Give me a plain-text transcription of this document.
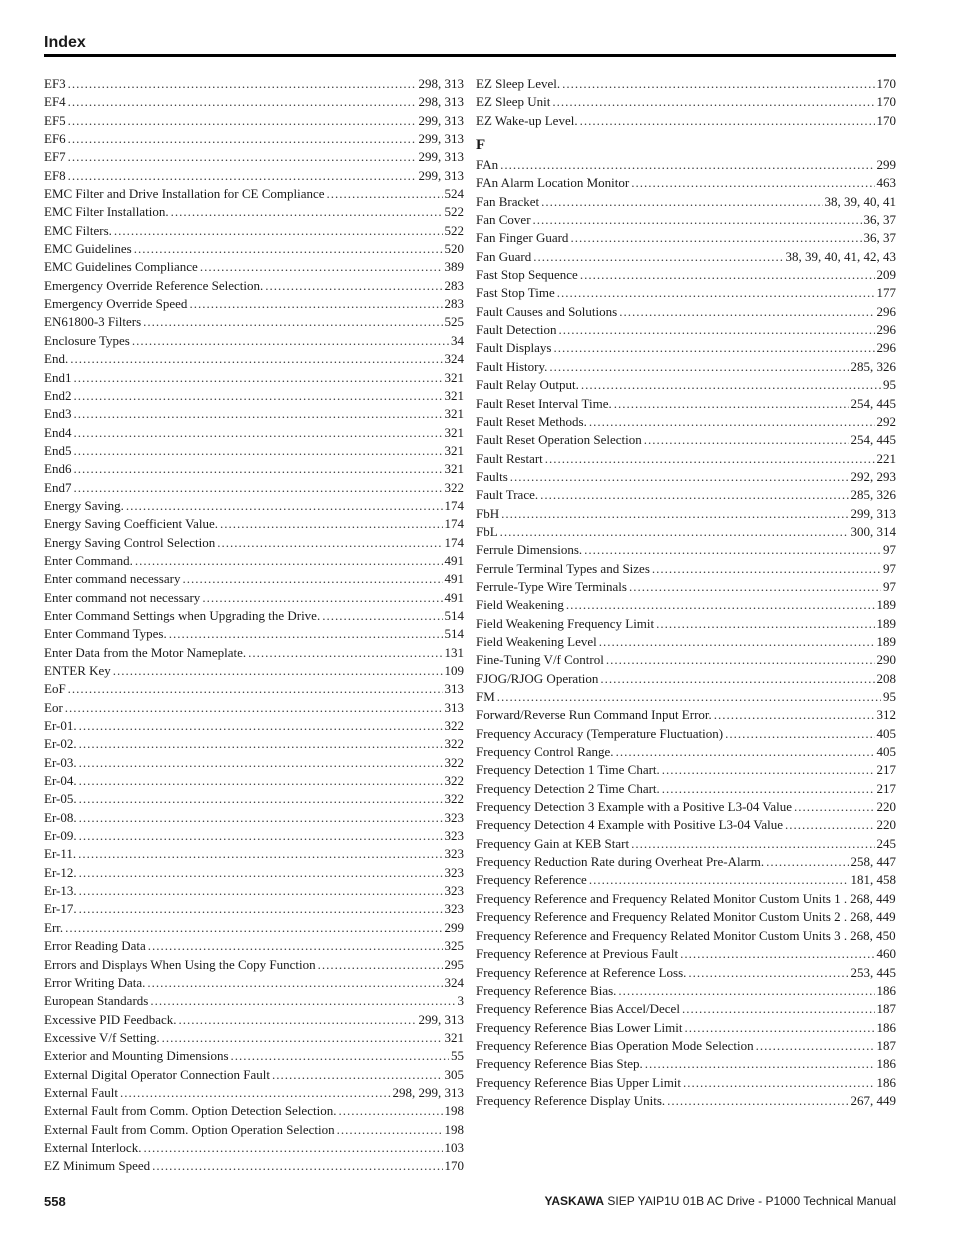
Index
EF3 .....	298, 313
EF4 .....	298, 313
EF5 .....	299, 313
EF6 .....	299, 313
EF7 .....	299, 313
EF8 .....	299, 313
EMC Filter and Drive Installation for CE Compliance .....	524
EMC Filter Installation. .....	522
EMC Filters. .....	522
EMC Guidelines .....	520
EMC Guidelines Compliance .....	389
Emergency Override Reference Selection. .....	283
Emergency Override Speed .....	283
EN61800-3 Filters .....	525
Enclosure Types .....	34
End. .....	324
End1 .....	321
End2 .....	321
End3 .....	321
End4 .....	321
End5 .....	321
End6 .....	321
End7 .....	322
Energy Saving. .....	174
Energy Saving Coefficient Value. .....	174
Energy Saving Control Selection .....	174
Enter Command. .....	491
Enter command necessary .....	491
Enter command not necessary .....	491
Enter Command Settings when Upgrading the Drive. .....	514
Enter Command Types. .....	514
Enter Data from the Motor Nameplate. .....	131
ENTER Key .....	109
EoF .....	313
Eor .....	313
Er-01. .....	322
Er-02. .....	322
Er-03. .....	322
Er-04. .....	322
Er-05. .....	322
Er-08. .....	323
Er-09. .....	323
Er-11. .....	323
Er-12. .....	323
Er-13. .....	323
Er-17. .....	323
Err. .....	299
Error Reading Data .....	325
Errors and Displays When Using the Copy Function .....	295
Error Writing Data. .....	324
European Standards .....	3
Excessive PID Feedback. .....	299, 313
Excessive V/f Setting. .....	321
Exterior and Mounting Dimensions .....	55
External Digital Operator Connection Fault .....	305
External Fault .....	298, 299, 313
External Fault from Comm. Option Detection Selection. .....	198
External Fault from Comm. Option Operation Selection .....	198
External Interlock. .....	103
EZ Minimum Speed .....	170
EZ Sleep Level. .....	170
EZ Sleep Unit .....	170
EZ Wake-up Level. .....	170
F
FAn .....	299
FAn Alarm Location Monitor .....	463
Fan Bracket .....	38, 39, 40, 41
Fan Cover .....	36, 37
Fan Finger Guard .....	36, 37
Fan Guard .....	38, 39, 40, 41, 42, 43
Fast Stop Sequence .....	209
Fast Stop Time .....	177
Fault Causes and Solutions .....	296
Fault Detection .....	296
Fault Displays .....	296
Fault History. .....	285, 326
Fault Relay Output. .....	95
Fault Reset Interval Time. .....	254, 445
Fault Reset Methods. .....	292
Fault Reset Operation Selection .....	254, 445
Fault Restart .....	221
Faults .....	292, 293
Fault Trace. .....	285, 326
FbH .....	299, 313
FbL .....	300, 314
Ferrule Dimensions. .....	97
Ferrule Terminal Types and Sizes .....	97
Ferrule-Type Wire Terminals .....	97
Field Weakening .....	189
Field Weakening Frequency Limit .....	189
Field Weakening Level .....	189
Fine-Tuning V/f Control .....	290
FJOG/RJOG Operation .....	208
FM .....	95
Forward/Reverse Run Command Input Error. .....	312
Frequency Accuracy (Temperature Fluctuation) .....	405
Frequency Control Range. .....	405
Frequency Detection 1 Time Chart. .....	217
Frequency Detection 2 Time Chart. .....	217
Frequency Detection 3 Example with a Positive L3-04 Value .....	220
Frequency Detection 4 Example with Positive L3-04 Value .....	220
Frequency Gain at KEB Start .....	245
Frequency Reduction Rate during Overheat Pre-Alarm. .....	258, 447
Frequency Reference .....	181, 458
Frequency Reference and Frequency Related Monitor Custom Units 1 . 268, 449
Frequency Reference and Frequency Related Monitor Custom Units 2 . 268, 449
Frequency Reference and Frequency Related Monitor Custom Units 3 . 268, 450
Frequency Reference at Previous Fault .....	460
Frequency Reference at Reference Loss. .....	253, 445
Frequency Reference Bias. .....	186
Frequency Reference Bias Accel/Decel .....	187
Frequency Reference Bias Lower Limit .....	186
Frequency Reference Bias Operation Mode Selection .....	187
Frequency Reference Bias Step. .....	186
Frequency Reference Bias Upper Limit .....	186
Frequency Reference Display Units. .....	267, 449
558	YASKAWA SIEP YAIP1U 01B AC Drive - P1000 Technical Manual
